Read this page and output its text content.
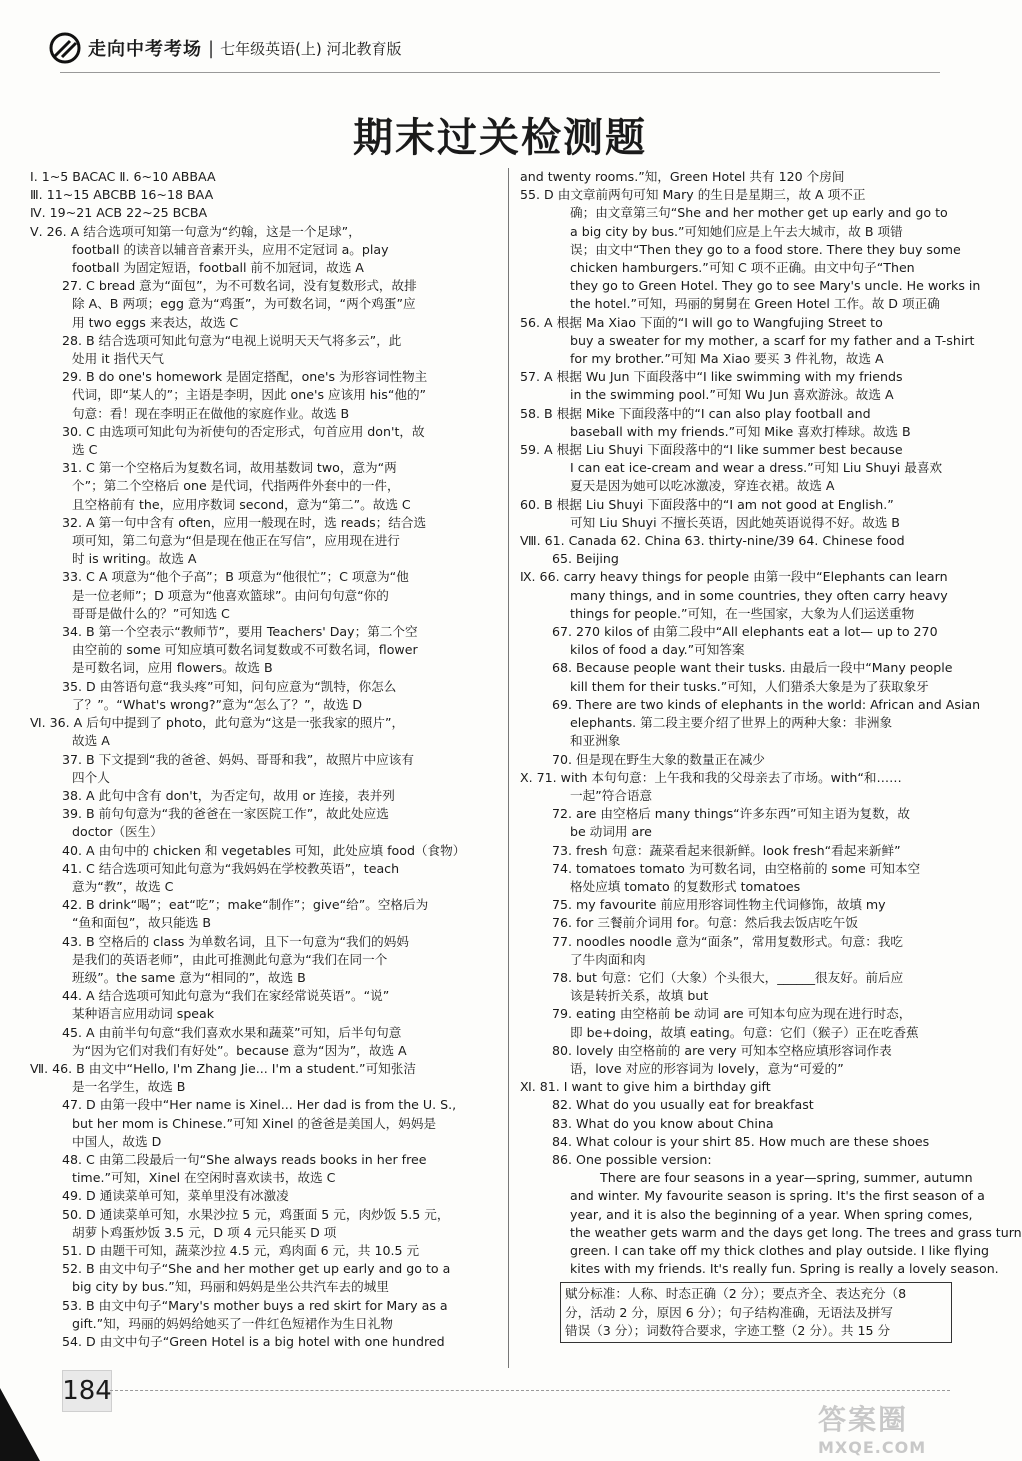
走向中考考场 | 七年级英语(上) 河北教育版
期末过关检测题
Ⅰ. 1~5 BACAC Ⅱ. 6~10 ABBAA
Ⅲ. 11~15 ABCBB 16~18 BAA
Ⅳ. 19~21 ACB 22~25 BCBA
Ⅴ. 26. A 结合选项可知第一句意为“约翰，这是一个足球”，
football 的读音以辅音音素开头，应用不定冠词 a。play
football 为固定短语，football 前不加冠词，故选 A
27. C bread 意为“面包”，为不可数名词，没有复数形式，故排
除 A、B 两项；egg 意为“鸡蛋”，为可数名词，“两个鸡蛋”应
用 two eggs 来表达，故选 C
28. B 结合选项可知此句意为“电视上说明天天气将多云”，此
处用 it 指代天气
29. B do one's homework 是固定搭配，one's 为形容词性物主
代词，即“某人的”；主语是李明，因此 one's 应该用 his“他的”
句意：看！现在李明正在做他的家庭作业。故选 B
30. C 由选项可知此句为祈使句的否定形式，句首应用 don't，故
选 C
31. C 第一个空格后为复数名词，故用基数词 two，意为“两
个”；第二个空格后 one 是代词，代指两件外套中的一件，
且空格前有 the，应用序数词 second，意为“第二”。故选 C
32. A 第一句中含有 often，应用一般现在时，选 reads；结合选
项可知，第二句意为“但是现在他正在写信”，应用现在进行
时 is writing。故选 A
33. C A 项意为“他个子高”；B 项意为“他很忙”；C 项意为“他
是一位老师”；D 项意为“他喜欢篮球”。由问句句意“你的
哥哥是做什么的？”可知选 C
34. B 第一个空表示“教师节”，要用 Teachers' Day；第二个空
由空前的 some 可知应填可数名词复数或不可数名词，flower
是可数名词，应用 flowers。故选 B
35. D 由答语句意“我头疼”可知，问句应意为“凯特，你怎么
了？”。“What's wrong?”意为“怎么了？”，故选 D
Ⅵ. 36. A 后句中提到了 photo，此句意为“这是一张我家的照片”，
故选 A
37. B 下文提到“我的爸爸、妈妈、哥哥和我”，故照片中应该有
四个人
38. A 此句中含有 don't，为否定句，故用 or 连接，表并列
39. B 前句句意为“我的爸爸在一家医院工作”，故此处应选
doctor（医生）
40. A 由句中的 chicken 和 vegetables 可知，此处应填 food（食物）
41. C 结合选项可知此句意为“我妈妈在学校教英语”，teach
意为“教”，故选 C
42. B drink“喝”；eat“吃”；make“制作”；give“给”。空格后为
“鱼和面包”，故只能选 B
43. B 空格后的 class 为单数名词，且下一句意为“我们的妈妈
是我们的英语老师”，由此可推测此句意为“我们在同一个
班级”。the same 意为“相同的”，故选 B
44. A 结合选项可知此句意为“我们在家经常说英语”。“说”
某种语言应用动词 speak
45. A 由前半句句意“我们喜欢水果和蔬菜”可知，后半句句意
为“因为它们对我们有好处”。because 意为“因为”，故选 A
Ⅶ. 46. B 由文中“Hello, I'm Zhang Jie... I'm a student.”可知张洁
是一名学生，故选 B
47. D 由第一段中“Her name is Xinel... Her dad is from the U. S.,
but her mom is Chinese.”可知 Xinel 的爸爸是美国人，妈妈是
中国人，故选 D
48. C 由第二段最后一句“She always reads books in her free
time.”可知，Xinel 在空闲时喜欢读书，故选 C
49. D 通读菜单可知，菜单里没有冰激凌
50. D 通读菜单可知，水果沙拉 5 元，鸡蛋面 5 元，肉炒饭 5.5 元，
胡萝卜鸡蛋炒饭 3.5 元，D 项 4 元只能买 D 项
51. D 由题干可知，蔬菜沙拉 4.5 元，鸡肉面 6 元，共 10.5 元
52. B 由文中句子“She and her mother get up early and go to a
big city by bus.”知，玛丽和妈妈是坐公共汽车去的城里
53. B 由文中句子“Mary's mother buys a red skirt for Mary as a
gift.”知，玛丽的妈妈给她买了一件红色短裙作为生日礼物
54. D 由文中句子“Green Hotel is a big hotel with one hundred
and twenty rooms.”知，Green Hotel 共有 120 个房间
55. D 由文章前两句可知 Mary 的生日是星期三，故 A 项不正
确；由文章第三句“She and her mother get up early and go to
a big city by bus.”可知她们应是上午去大城市，故 B 项错
误；由文中“Then they go to a food store. There they buy some
chicken hamburgers.”可知 C 项不正确。由文中句子“Then
they go to Green Hotel. They go to see Mary's uncle. He works in
the hotel.”可知，玛丽的舅舅在 Green Hotel 工作。故 D 项正确
56. A 根据 Ma Xiao 下面的“I will go to Wangfujing Street to
buy a sweater for my mother, a scarf for my father and a T-shirt
for my brother.”可知 Ma Xiao 要买 3 件礼物，故选 A
57. A 根据 Wu Jun 下面段落中“I like swimming with my friends
in the swimming pool.”可知 Wu Jun 喜欢游泳。故选 A
58. B 根据 Mike 下面段落中的“I can also play football and
baseball with my friends.”可知 Mike 喜欢打棒球。故选 B
59. A 根据 Liu Shuyi 下面段落中的“I like summer best because
I can eat ice-cream and wear a dress.”可知 Liu Shuyi 最喜欢
夏天是因为她可以吃冰激凌，穿连衣裙。故选 A
60. B 根据 Liu Shuyi 下面段落中的“I am not good at English.”
可知 Liu Shuyi 不擅长英语，因此她英语说得不好。故选 B
Ⅷ. 61. Canada 62. China 63. thirty-nine/39 64. Chinese food
65. Beijing
Ⅸ. 66. carry heavy things for people 由第一段中“Elephants can learn
many things, and in some countries, they often carry heavy
things for people.”可知，在一些国家，大象为人们运送重物
67. 270 kilos of 由第二段中“All elephants eat a lot— up to 270
kilos of food a day.”可知答案
68. Because people want their tusks. 由最后一段中“Many people
kill them for their tusks.”可知，人们猎杀大象是为了获取象牙
69. There are two kinds of elephants in the world: African and Asian
elephants. 第二段主要介绍了世界上的两种大象：非洲象
和亚洲象
70. 但是现在野生大象的数量正在减少
Ⅹ. 71. with 本句句意：上午我和我的父母亲去了市场。with“和……
一起”符合语意
72. are 由空格后 many things“许多东西”可知主语为复数，故
be 动词用 are
73. fresh 句意：蔬菜看起来很新鲜。look fresh“看起来新鲜”
74. tomatoes tomato 为可数名词，由空格前的 some 可知本空
格处应填 tomato 的复数形式 tomatoes
75. my favourite 前应用形容词性物主代词修饰，故填 my
76. for 三餐前介词用 for。句意：然后我去饭店吃午饭
77. noodles noodle 意为“面条”，常用复数形式。句意：我吃
了牛肉面和肉
78. but 句意：它们（大象）个头很大，______很友好。前后应
该是转折关系，故填 but
79. eating 由空格前 be 动词 are 可知本句应为现在进行时态，
即 be+doing，故填 eating。句意：它们（猴子）正在吃香蕉
80. lovely 由空格前的 are very 可知本空格应填形容词作表
语，love 对应的形容词为 lovely，意为“可爱的”
Ⅺ. 81. I want to give him a birthday gift
82. What do you usually eat for breakfast
83. What do you know about China
84. What colour is your shirt 85. How much are these shoes
86. One possible version:
There are four seasons in a year—spring, summer, autumn
and winter. My favourite season is spring. It's the first season of a
year, and it is also the beginning of a year. When spring comes,
the weather gets warm and the days get long. The trees and grass turn
green. I can take off my thick clothes and play outside. I like flying
kites with my friends. It's really fun. Spring is really a lovely season.
赋分标准：人称、时态正确（2 分）；要点齐全、表达充分（8
分，活动 2 分，原因 6 分）；句子结构准确，无语法及拼写
错误（3 分）；词数符合要求，字迹工整（2 分）。共 15 分
184
答案圈
MXQE.COM
